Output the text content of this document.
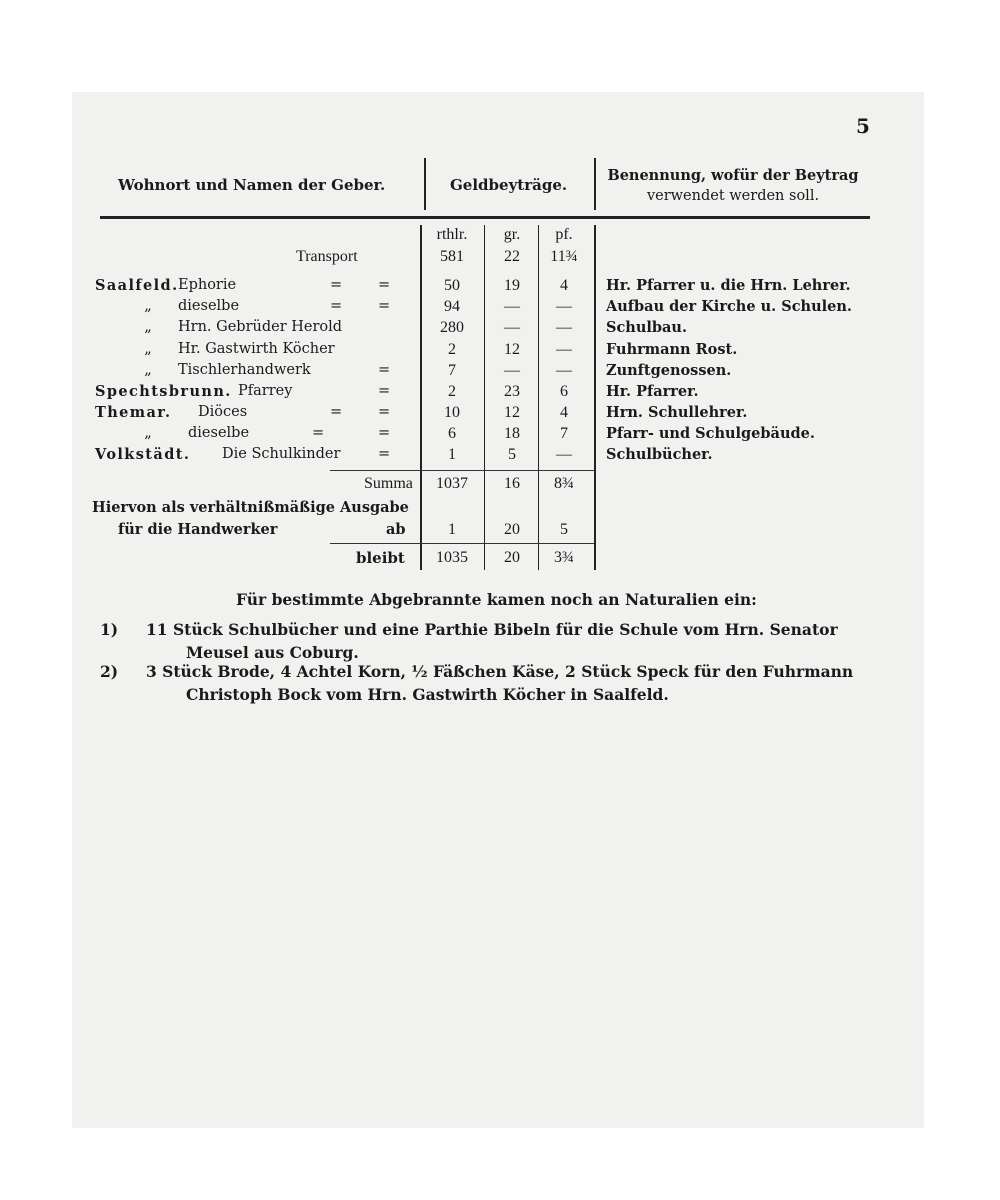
5
Wohnort und Namen der Geber.	Geldbeyträge.
Benennung, wofür der Beytrag
verwendet werden soll.
rthlr.	gr.	pf.
Transport	581	22	11¾
Saalfeld. Ephorie	= =	50	19	4	Hr. Pfarrer u. die Hrn. Lehrer.
„ dieselbe	= =	94	—	—	Aufbau der Kirche u. Schulen.
„ Hrn. Gebrüder Herold	280	—	—	Schulbau.
„ Hr. Gastwirth Köcher	2	12	—	Fuhrmann Rost.
„ Tischlerhandwerk	=	7	—	—	Zunftgenossen.
Spechtsbrunn. Pfarrey	=	2	23	6	Hr. Pfarrer.
Themar. Diöces	= =	10	12	4	Hrn. Schullehrer.
„	dieselbe	=	=	6	18	7	Pfarr- und Schulgebäude.
Volkstädt. Die Schulkinder	=	1	5	—	Schulbücher.
Summa	1037	16	8¾
Hiervon als verhältnißmäßige Ausgabe
für die Handwerker	ab	1	20	5
bleibt	1035	20	3¾
Für bestimmte Abgebrannte kamen noch an Naturalien ein:
1) 11 Stück Schulbücher und eine Parthie Bibeln für die Schule vom Hrn. Senator
Meusel aus Coburg.
2) 3 Stück Brode, 4 Achtel Korn, ½ Fäßchen Käse, 2 Stück Speck für den Fuhrmann
Christoph Bock vom Hrn. Gastwirth Köcher in Saalfeld.
